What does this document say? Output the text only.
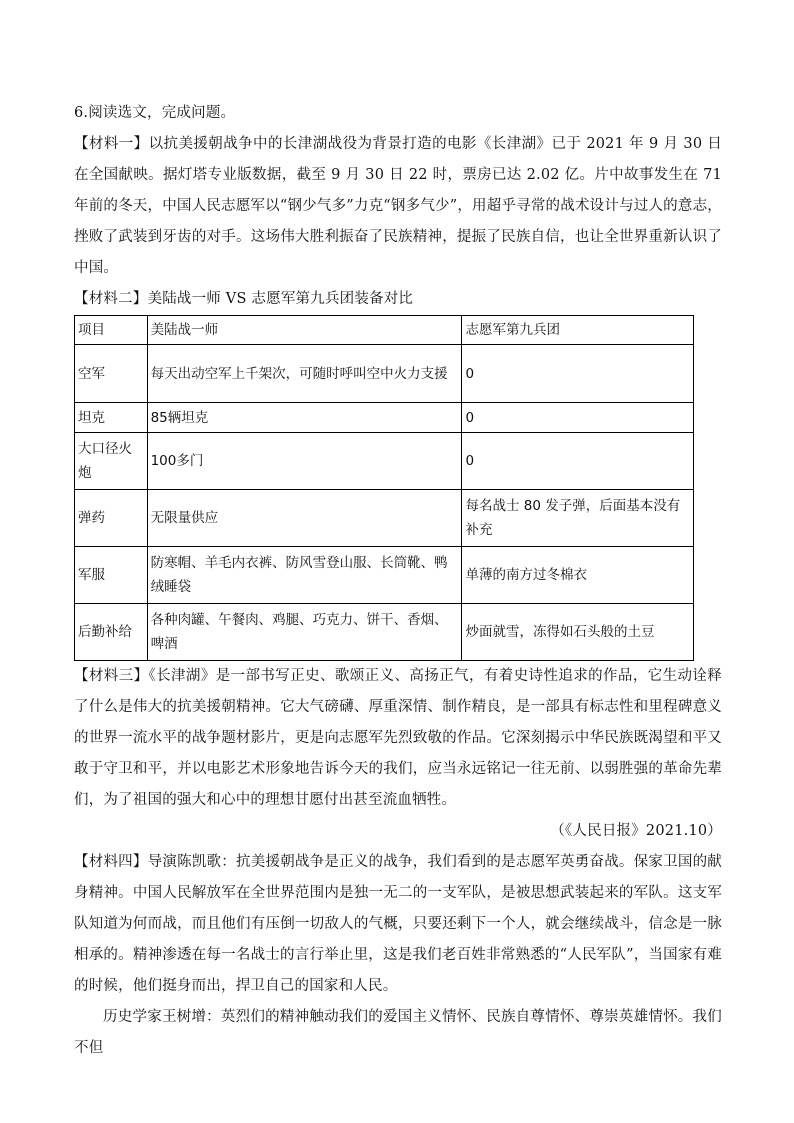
6.阅读选文，完成问题。

【材料一】以抗美援朝战争中的长津湖战役为背景打造的电影《长津湖》已于 2021 年 9 月 30 日在全国献映。据灯塔专业版数据，截至 9 月 30 日 22 时，票房已达 2.02 亿。片中故事发生在 71 年前的冬天，中国人民志愿军以“钢少气多”力克“钢多气少”，用超乎寻常的战术设计与过人的意志，挫败了武装到牙齿的对手。这场伟大胜利振奋了民族精神，提振了民族自信，也让全世界重新认识了中国。

【材料二】美陆战一师 VS 志愿军第九兵团装备对比

项目	美陆战一师	志愿军第九兵团
空军	每天出动空军上千架次，可随时呼叫空中火力支援	0
坦克	85辆坦克	0
大口径火炮	100多门	0
弹药	无限量供应	每名战士 80 发子弹，后面基本没有补充
军服	防寒帽、羊毛内衣裤、防风雪登山服、长筒靴、鸭绒睡袋	单薄的南方过冬棉衣
后勤补给	各种肉罐、午餐肉、鸡腿、巧克力、饼干、香烟、啤酒	炒面就雪，冻得如石头般的土豆

【材料三】《长津湖》是一部书写正史、歌颂正义、高扬正气，有着史诗性追求的作品，它生动诠释了什么是伟大的抗美援朝精神。它大气磅礴、厚重深情、制作精良，是一部具有标志性和里程碑意义的世界一流水平的战争题材影片，更是向志愿军先烈致敬的作品。它深刻揭示中华民族既渴望和平又敢于守卫和平，并以电影艺术形象地告诉今天的我们，应当永远铭记一往无前、以弱胜强的革命先辈们，为了祖国的强大和心中的理想甘愿付出甚至流血牺牲。

（《人民日报》2021.10）

【材料四】导演陈凯歌：抗美援朝战争是正义的战争，我们看到的是志愿军英勇奋战。保家卫国的献身精神。中国人民解放军在全世界范围内是独一无二的一支军队，是被思想武装起来的军队。这支军队知道为何而战，而且他们有压倒一切敌人的气概，只要还剩下一个人，就会继续战斗，信念是一脉相承的。精神渗透在每一名战士的言行举止里，这是我们老百姓非常熟悉的“人民军队”，当国家有难的时候，他们挺身而出，捍卫自己的国家和人民。

历史学家王树增：英烈们的精神触动我们的爱国主义情怀、民族自尊情怀、尊崇英雄情怀。我们不但
